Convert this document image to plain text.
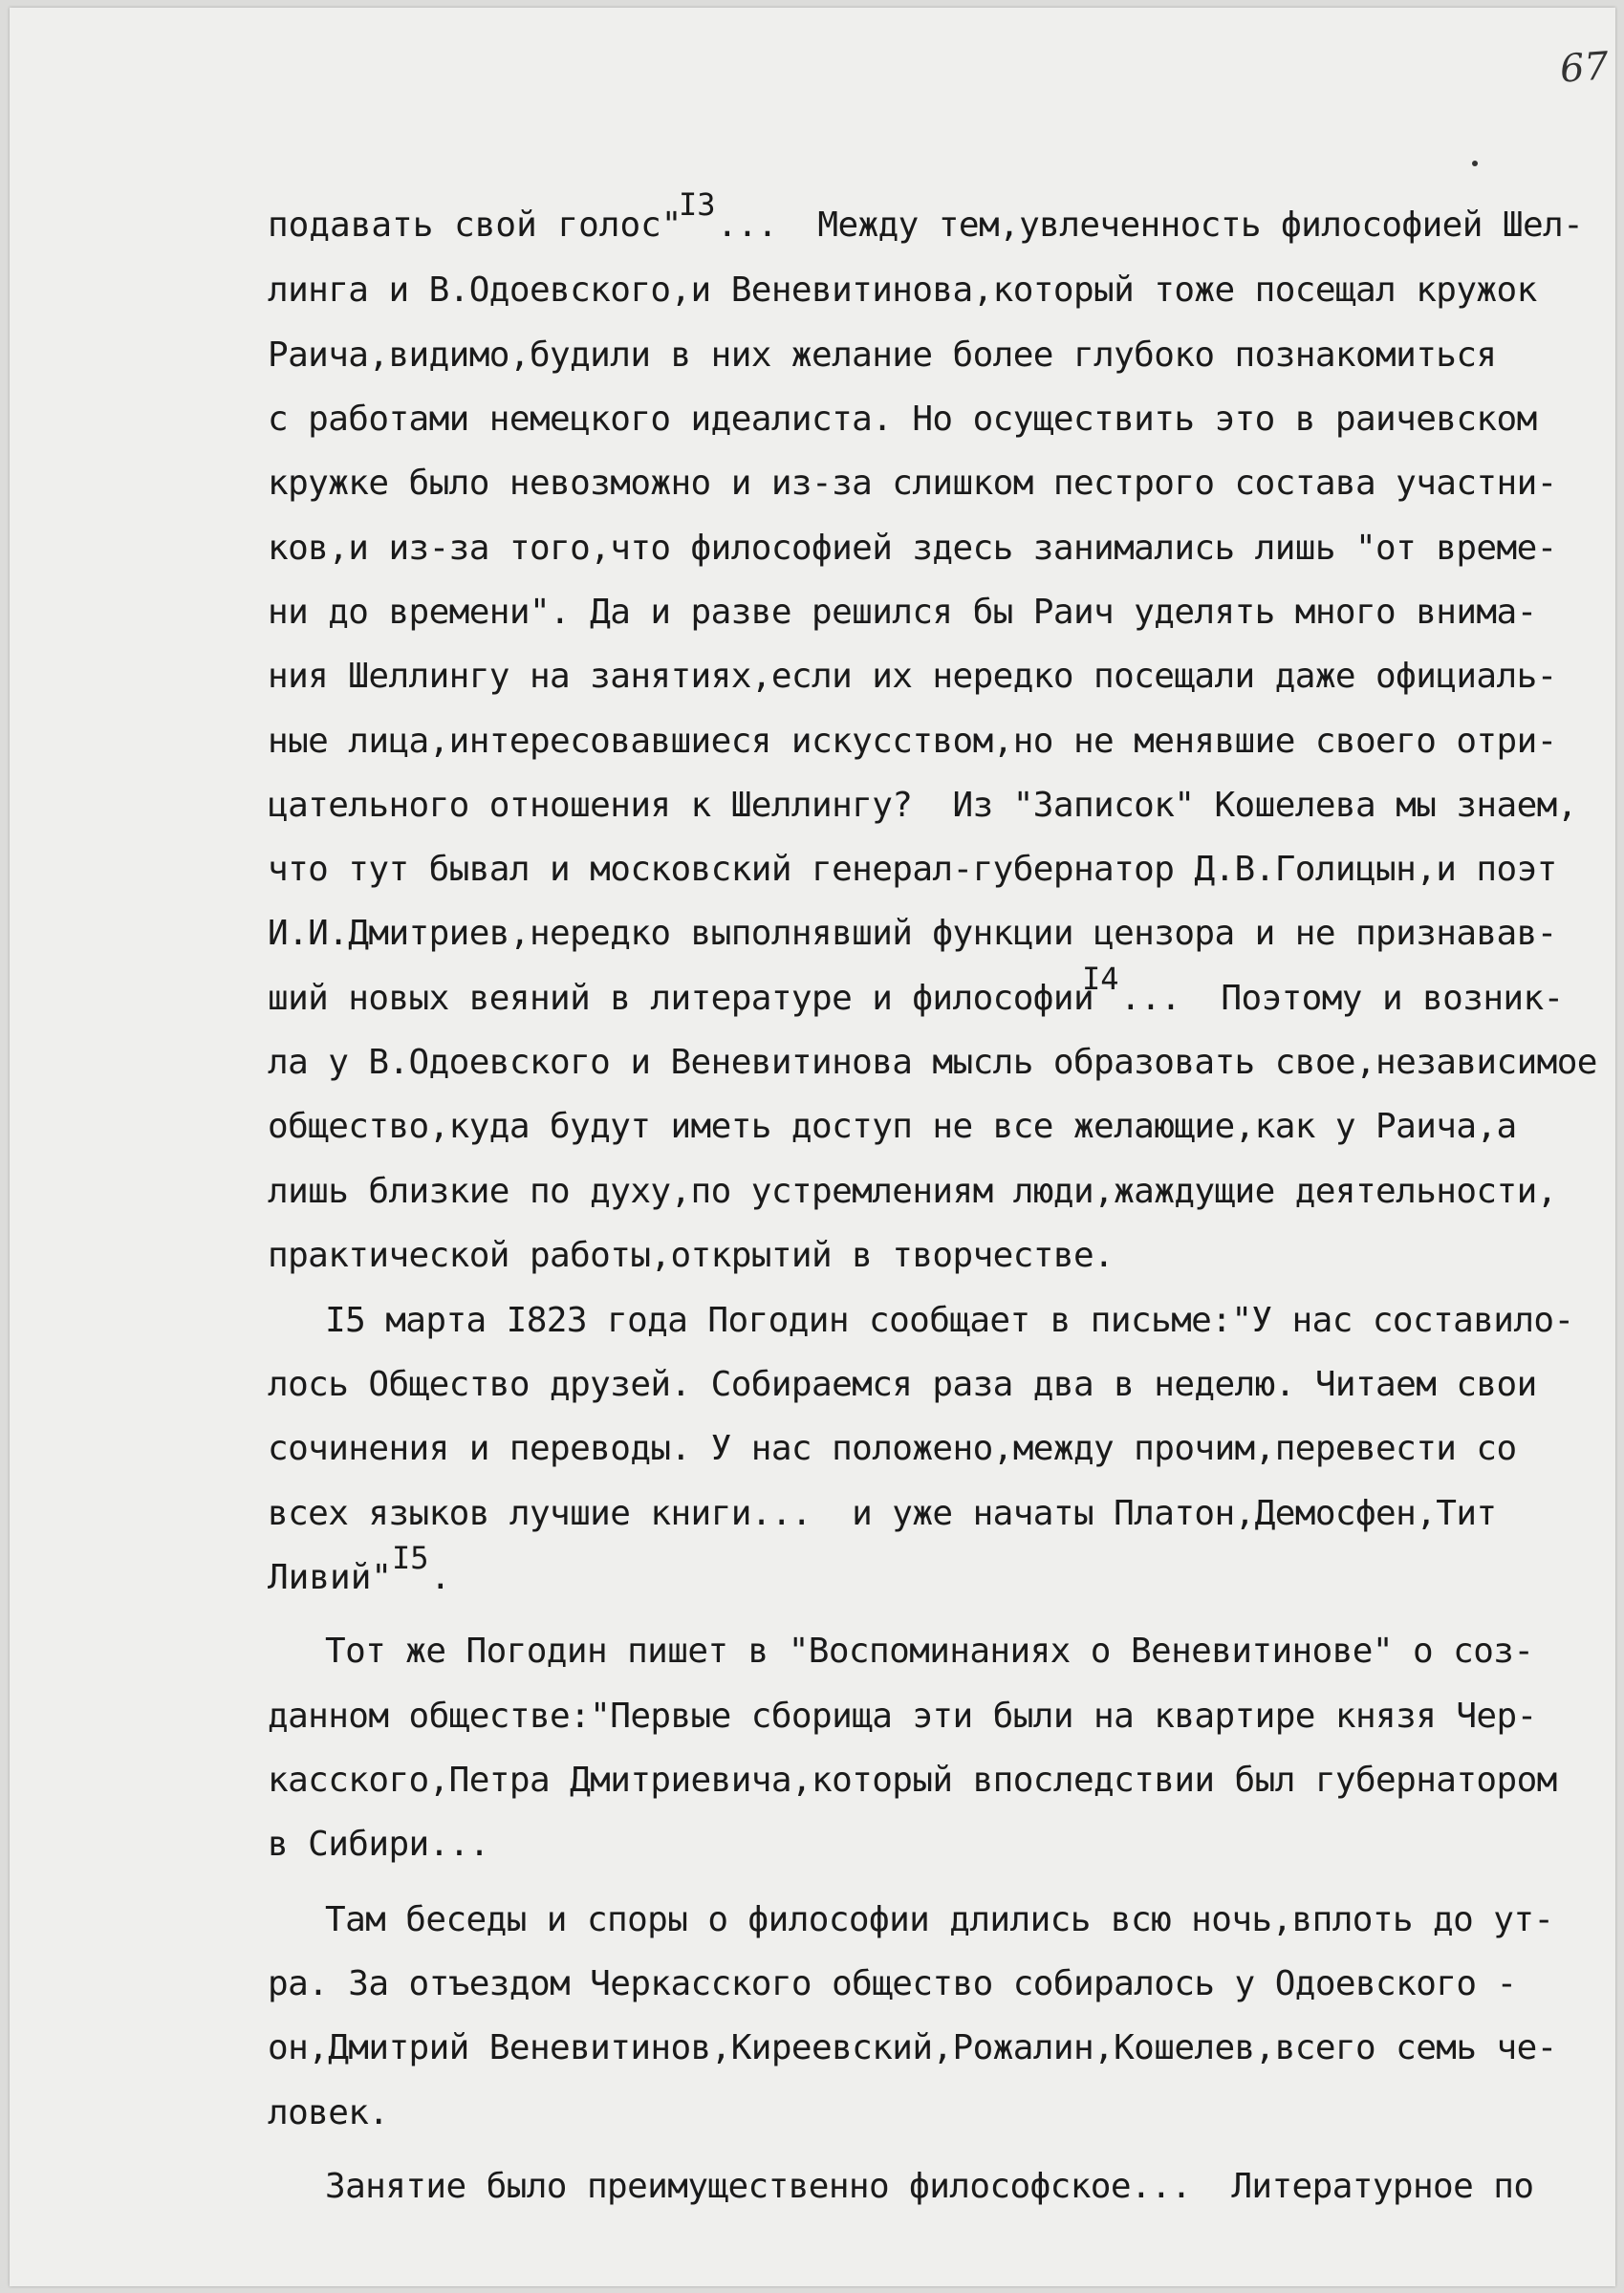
67
подавать свой голос"
I3
...  Между тем,увлеченность философией Шел-
линга и В.Одоевского,и Веневитинова,который тоже посещал кружок
Раича,видимо,будили в них желание более глубоко познакомиться
с работами немецкого идеалиста. Но осуществить это в раичевском
кружке было невозможно и из-за слишком пестрого состава участни-
ков,и из-за того,что философией здесь занимались лишь "от време-
ни до времени". Да и разве решился бы Раич уделять много внима-
ния Шеллингу на занятиях,если их нередко посещали даже официаль-
ные лица,интересовавшиеся искусством,но не менявшие своего отри-
цательного отношения к Шеллингу?  Из "Записок" Кошелева мы знаем,
что тут бывал и московский генерал-губернатор Д.В.Голицын,и поэт
И.И.Дмитриев,нередко выполнявший функции цензора и не признавав-
ший новых веяний в литературе и философии
I4 ...  Поэтому и возник-
ла у В.Одоевского и Веневитинова мысль образовать свое,независимое
общество,куда будут иметь доступ не все желающие,как у Раича,а
лишь близкие по духу,по устремлениям люди,жаждущие деятельности,
практической работы,открытий в творчестве.
I5 марта I823 года Погодин сообщает в письме:"У нас составило-
лось Общество друзей. Собираемся раза два в неделю. Читаем свои
сочинения и переводы. У нас положено,между прочим,перевести со
всех языков лучшие книги...  и уже начаты Платон,Демосфен,Тит
Ливий" I5 .
Тот же Погодин пишет в "Воспоминаниях о Веневитинове" о соз-
данном обществе:"Первые сборища эти были на квартире князя Чер-
касского,Петра Дмитриевича,который впоследствии был губернатором
в Сибири...
Там беседы и споры о философии длились всю ночь,вплоть до ут-
ра. За отъездом Черкасского общество собиралось у Одоевского -
он,Дмитрий Веневитинов,Киреевский,Рожалин,Кошелев,всего семь че-
ловек.
Занятие было преимущественно философское...  Литературное по
